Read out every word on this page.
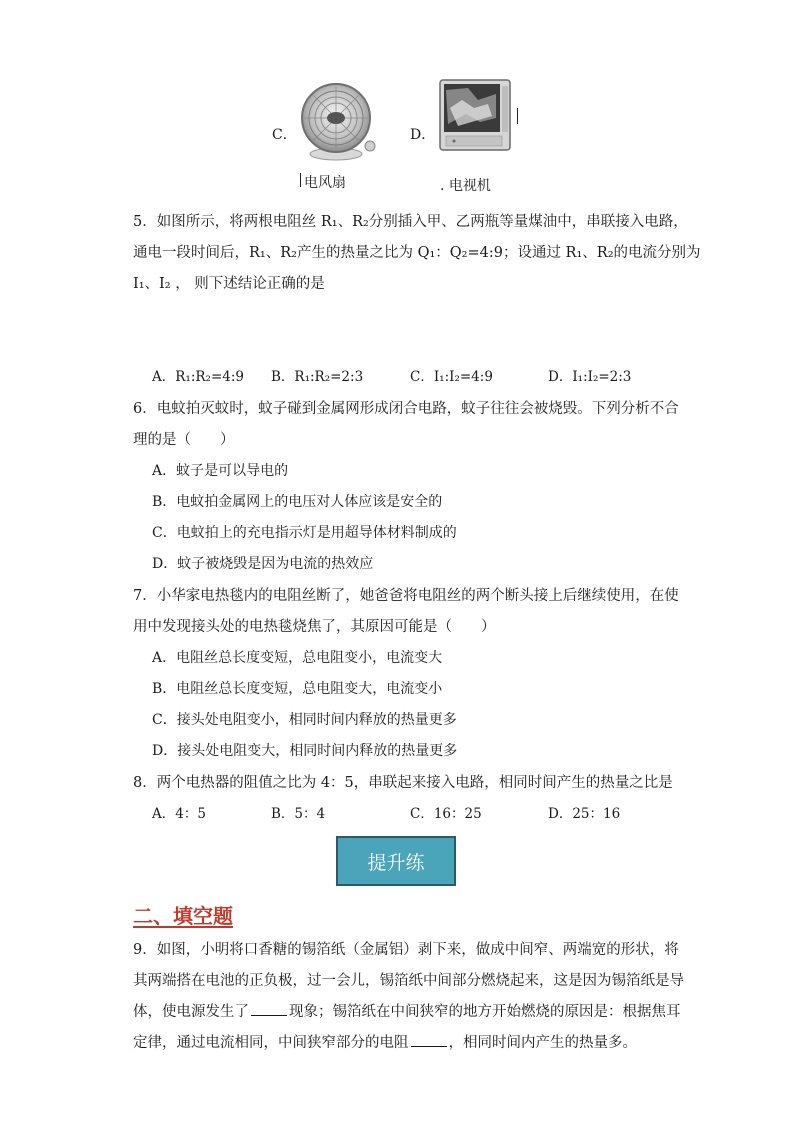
C．
电风扇
D．
. 电视机
5．如图所示，将两根电阻丝 R₁、R₂分别插入甲、乙两瓶等量煤油中，串联接入电路，
通电一段时间后，R₁、R₂产生的热量之比为 Q₁：Q₂=4:9；设通过 R₁、R₂的电流分别为
I₁、I₂ ， 则下述结论正确的是
A．R₁:R₂=4:9 B．R₁:R₂=2:3	C．I₁:I₂=4:9	D．I₁:I₂=2:3
6．电蚊拍灭蚊时，蚊子碰到金属网形成闭合电路，蚊子往往会被烧毁。下列分析不合
理的是（　　）
A．蚊子是可以导电的
B．电蚊拍金属网上的电压对人体应该是安全的
C．电蚊拍上的充电指示灯是用超导体材料制成的
D．蚊子被烧毁是因为电流的热效应
7．小华家电热毯内的电阻丝断了，她爸爸将电阻丝的两个断头接上后继续使用，在使
用中发现接头处的电热毯烧焦了，其原因可能是（　　）
A．电阻丝总长度变短，总电阻变小，电流变大
B．电阻丝总长度变短，总电阻变大，电流变小
C．接头处电阻变小，相同时间内释放的热量更多
D．接头处电阻变大，相同时间内释放的热量更多
8．两个电热器的阻值之比为 4：5，串联起来接入电路，相同时间产生的热量之比是
A．4：5	B．5：4	C．16：25	D．25：16
提升练
二、填空题
9．如图，小明将口香糖的锡箔纸（金属铝）剥下来，做成中间窄、两端宽的形状，将
其两端搭在电池的正负极，过一会儿，锡箔纸中间部分燃烧起来，这是因为锡箔纸是导
体，使电源发生了	现象；锡箔纸在中间狭窄的地方开始燃烧的原因是：根据焦耳
定律，通过电流相同，中间狭窄部分的电阻	，相同时间内产生的热量多。
